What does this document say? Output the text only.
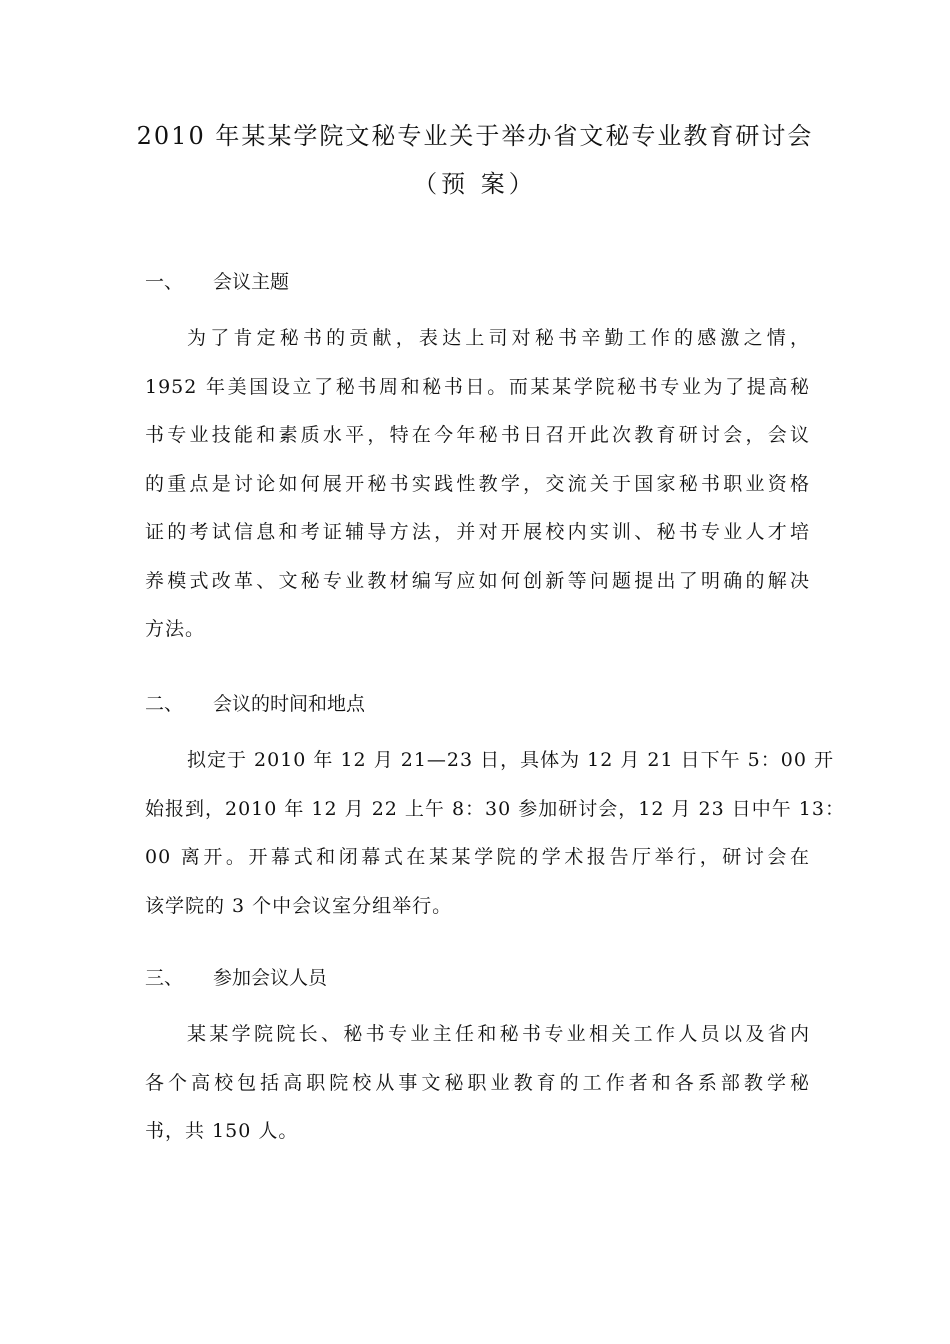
2010 年某某学院文秘专业关于举办省文秘专业教育研讨会
（预 案）
一、 会议主题
为了肯定秘书的贡献，表达上司对秘书辛勤工作的感激之情，
1952 年美国设立了秘书周和秘书日。而某某学院秘书专业为了提高秘
书专业技能和素质水平，特在今年秘书日召开此次教育研讨会，会议
的重点是讨论如何展开秘书实践性教学，交流关于国家秘书职业资格
证的考试信息和考证辅导方法，并对开展校内实训、秘书专业人才培
养模式改革、文秘专业教材编写应如何创新等问题提出了明确的解决
方法。
二、 会议的时间和地点
拟定于 2010 年 12 月 21—23 日，具体为 12 月 21 日下午 5：00 开
始报到，2010 年 12 月 22 上午 8：30 参加研讨会，12 月 23 日中午 13：
00 离开。开幕式和闭幕式在某某学院的学术报告厅举行，研讨会在
该学院的 3 个中会议室分组举行。
三、 参加会议人员
某某学院院长、秘书专业主任和秘书专业相关工作人员以及省内
各个高校包括高职院校从事文秘职业教育的工作者和各系部教学秘
书，共 150 人。
